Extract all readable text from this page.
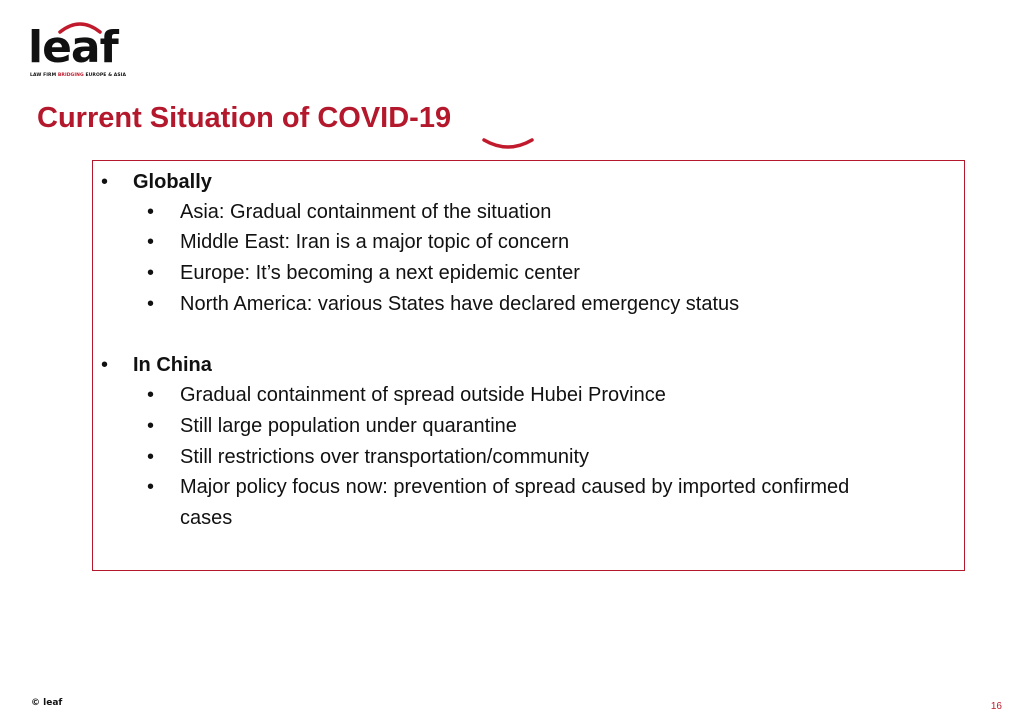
leaf
LAW FIRM BRIDGING EUROPE & ASIA
Current Situation of COVID-19
• Globally
• Asia: Gradual containment of the situation
• Middle East: Iran is a major topic of concern
• Europe: It’s becoming a next epidemic center
• North America: various States have declared emergency status
• In China
• Gradual containment of spread outside Hubei Province
• Still large population under quarantine
• Still restrictions over transportation/community
• Major policy focus now: prevention of spread caused by imported confirmed cases
© leaf	16
